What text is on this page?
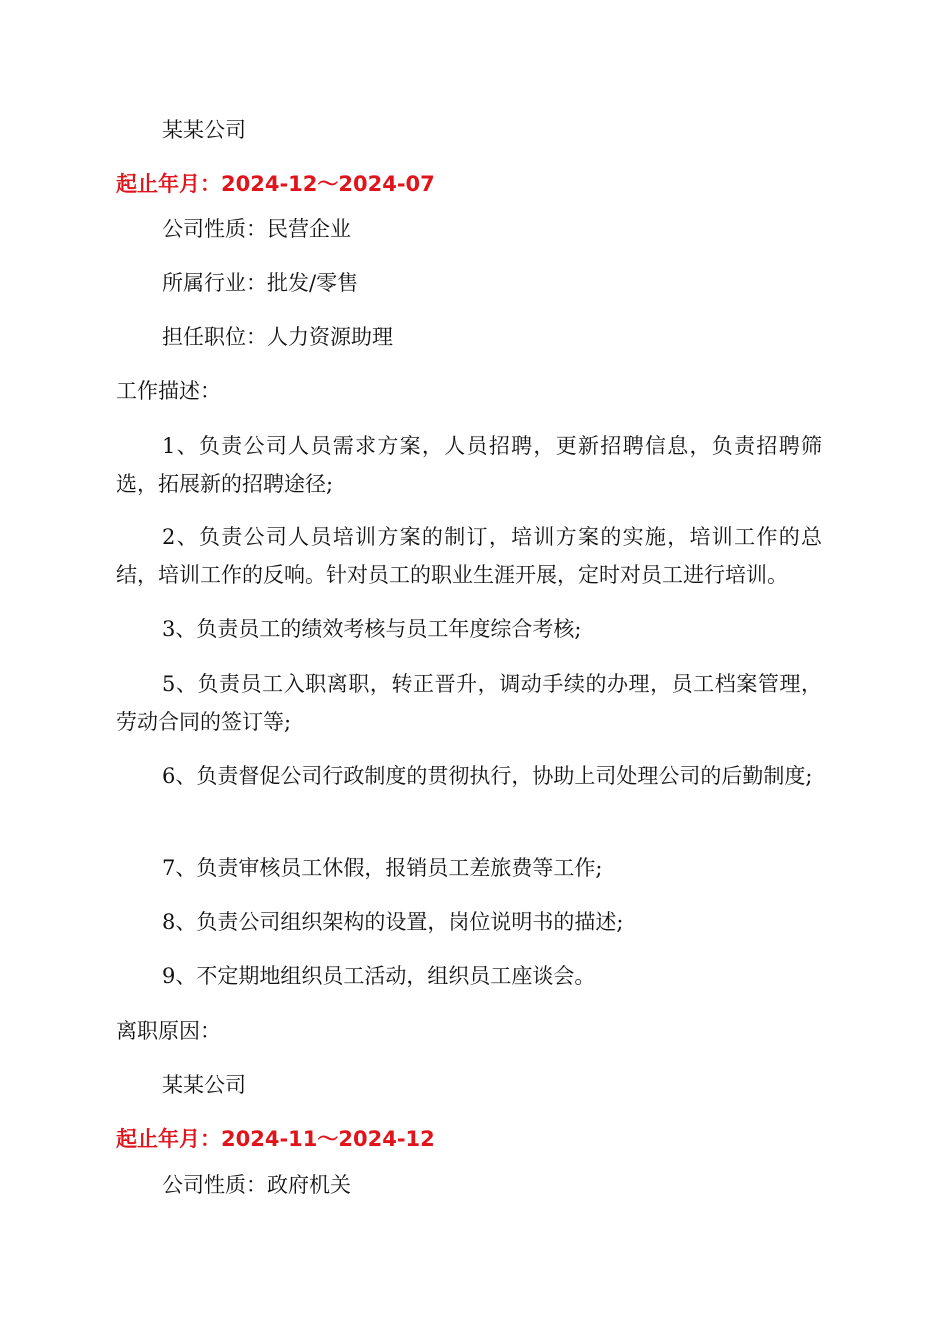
某某公司
起止年月：2024-12～2024-07
公司性质：民营企业
所属行业：批发/零售
担任职位：人力资源助理
工作描述：
1、负责公司人员需求方案，人员招聘，更新招聘信息，负责招聘筛选，拓展新的招聘途径;
2、负责公司人员培训方案的制订，培训方案的实施，培训工作的总结，培训工作的反响。针对员工的职业生涯开展，定时对员工进行培训。
3、负责员工的绩效考核与员工年度综合考核;
5、负责员工入职离职，转正晋升，调动手续的办理，员工档案管理，劳动合同的签订等;
6、负责督促公司行政制度的贯彻执行，协助上司处理公司的后勤制度;
7、负责审核员工休假，报销员工差旅费等工作;
8、负责公司组织架构的设置，岗位说明书的描述;
9、不定期地组织员工活动，组织员工座谈会。
离职原因：
某某公司
起止年月：2024-11～2024-12
公司性质：政府机关
